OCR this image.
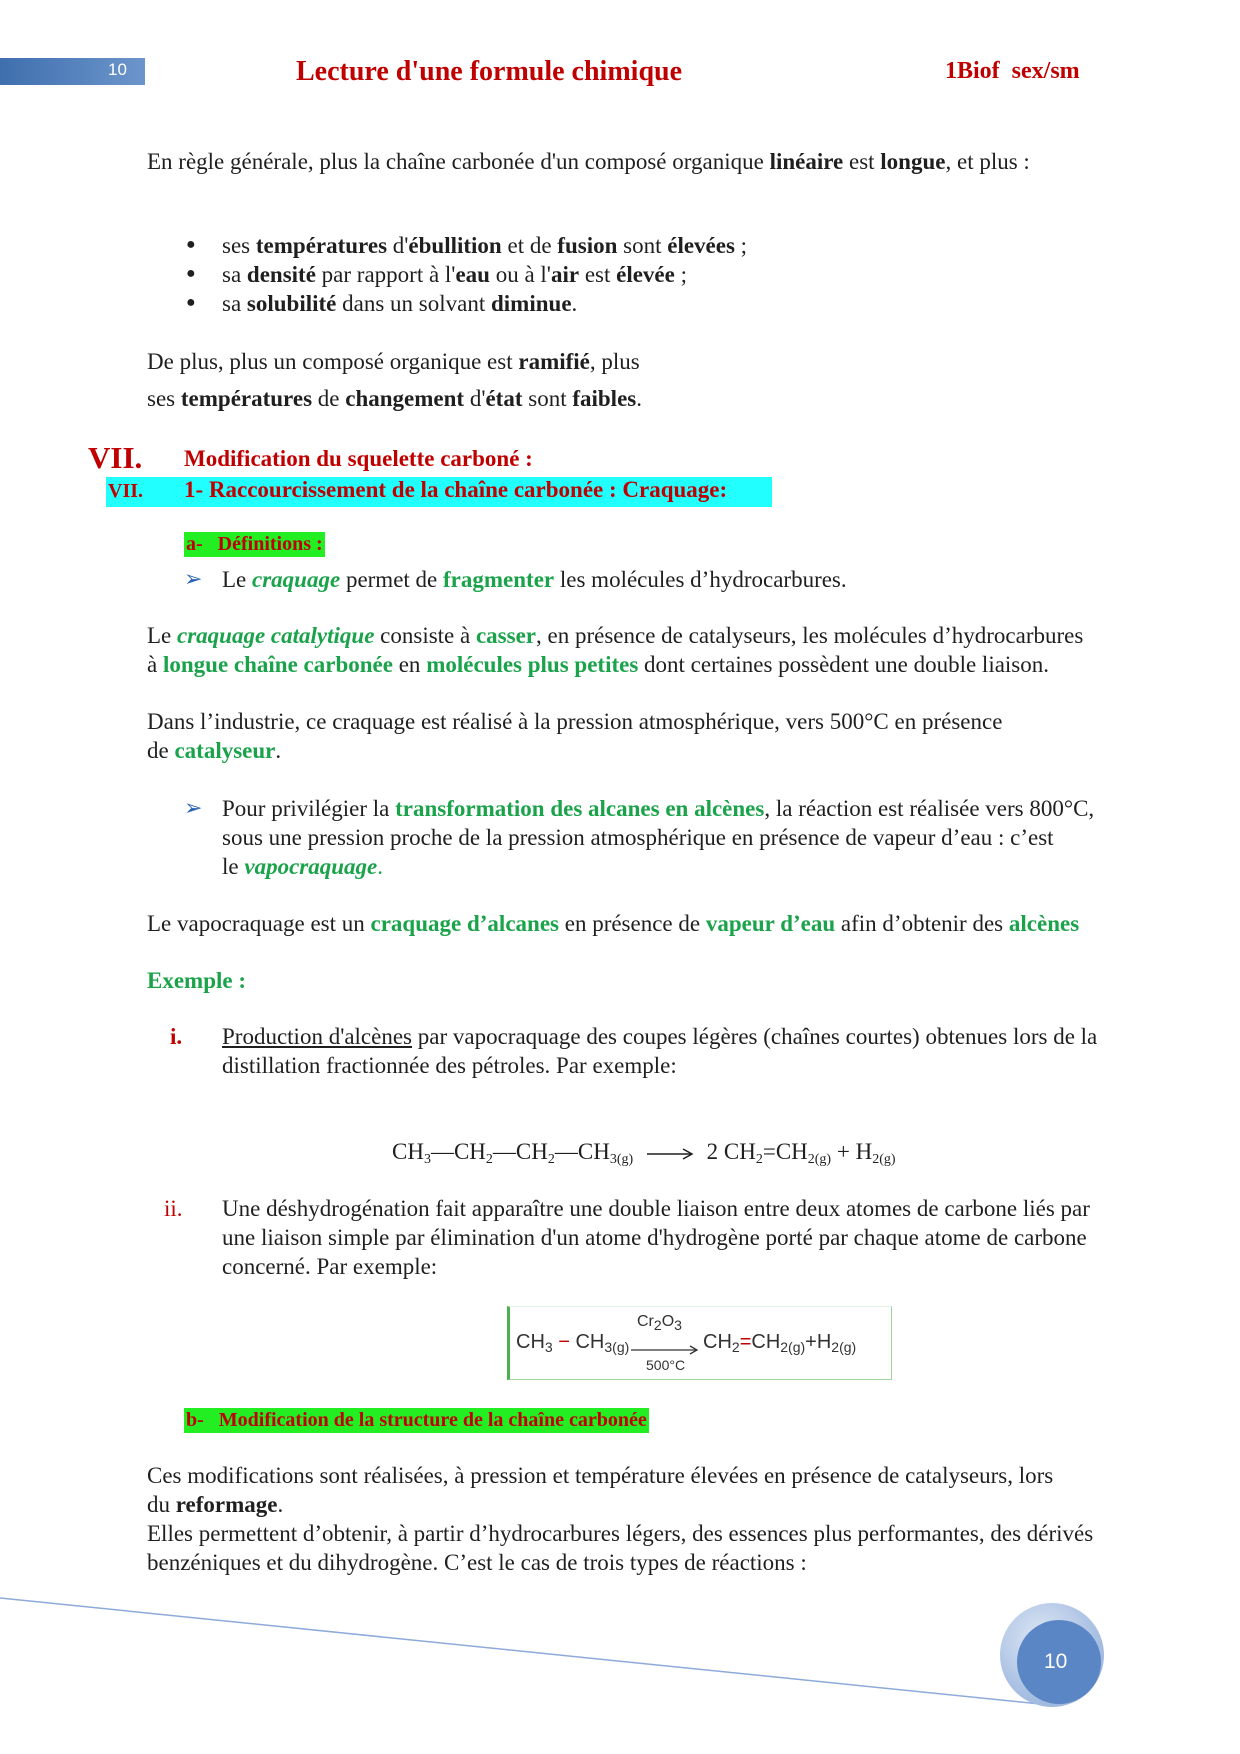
10	Lecture d'une formule chimique	1Biof  sex/sm
En règle générale, plus la chaîne carbonée d'un composé organique linéaire est longue, et plus :
● ses températures d'ébullition et de fusion sont élevées ;
● sa densité par rapport à l'eau ou à l'air est élevée ;
● sa solubilité dans un solvant diminue.
De plus, plus un composé organique est ramifié, plus
ses températures de changement d'état sont faibles.
VII. Modification du squelette carboné :
VII. 1- Raccourcissement de la chaîne carbonée : Craquage:
a-   Définitions :
➢ Le craquage permet de fragmenter les molécules d’hydrocarbures.
Le craquage catalytique consiste à casser, en présence de catalyseurs, les molécules d’hydrocarbures
à longue chaîne carbonée en molécules plus petites dont certaines possèdent une double liaison.
Dans l’industrie, ce craquage est réalisé à la pression atmosphérique, vers 500°C en présence
de catalyseur.
➢ Pour privilégier la transformation des alcanes en alcènes, la réaction est réalisée vers 800°C,
sous une pression proche de la pression atmosphérique en présence de vapeur d’eau : c’est
le vapocraquage.
Le vapocraquage est un craquage d’alcanes en présence de vapeur d’eau afin d’obtenir des alcènes
Exemple :
i. Production d'alcènes par vapocraquage des coupes légères (chaînes courtes) obtenues lors de la
distillation fractionnée des pétroles. Par exemple:
$CH_3—CH_2—CH_2—CH_{3(g)} \to 2$ $CH_2=CH_{2(g)} + H_{2(g)}$
ii. Une déshydrogénation fait apparaître une double liaison entre deux atomes de carbone liés par
une liaison simple par élimination d'un atome d'hydrogène porté par chaque atome de carbone
concerné. Par exemple:
$Cr_2O_3$
500°C
$CH_3 - CH_{3(g)}$	$CH_2=CH_{2(g)}+H_{2(g)}$
b-   Modification de la structure de la chaîne carbonée
Ces modifications sont réalisées, à pression et température élevées en présence de catalyseurs, lors
du reformage.
Elles permettent d’obtenir, à partir d’hydrocarbures légers, des essences plus performantes, des dérivés
benzéniques et du dihydrogène. C’est le cas de trois types de réactions :
10
